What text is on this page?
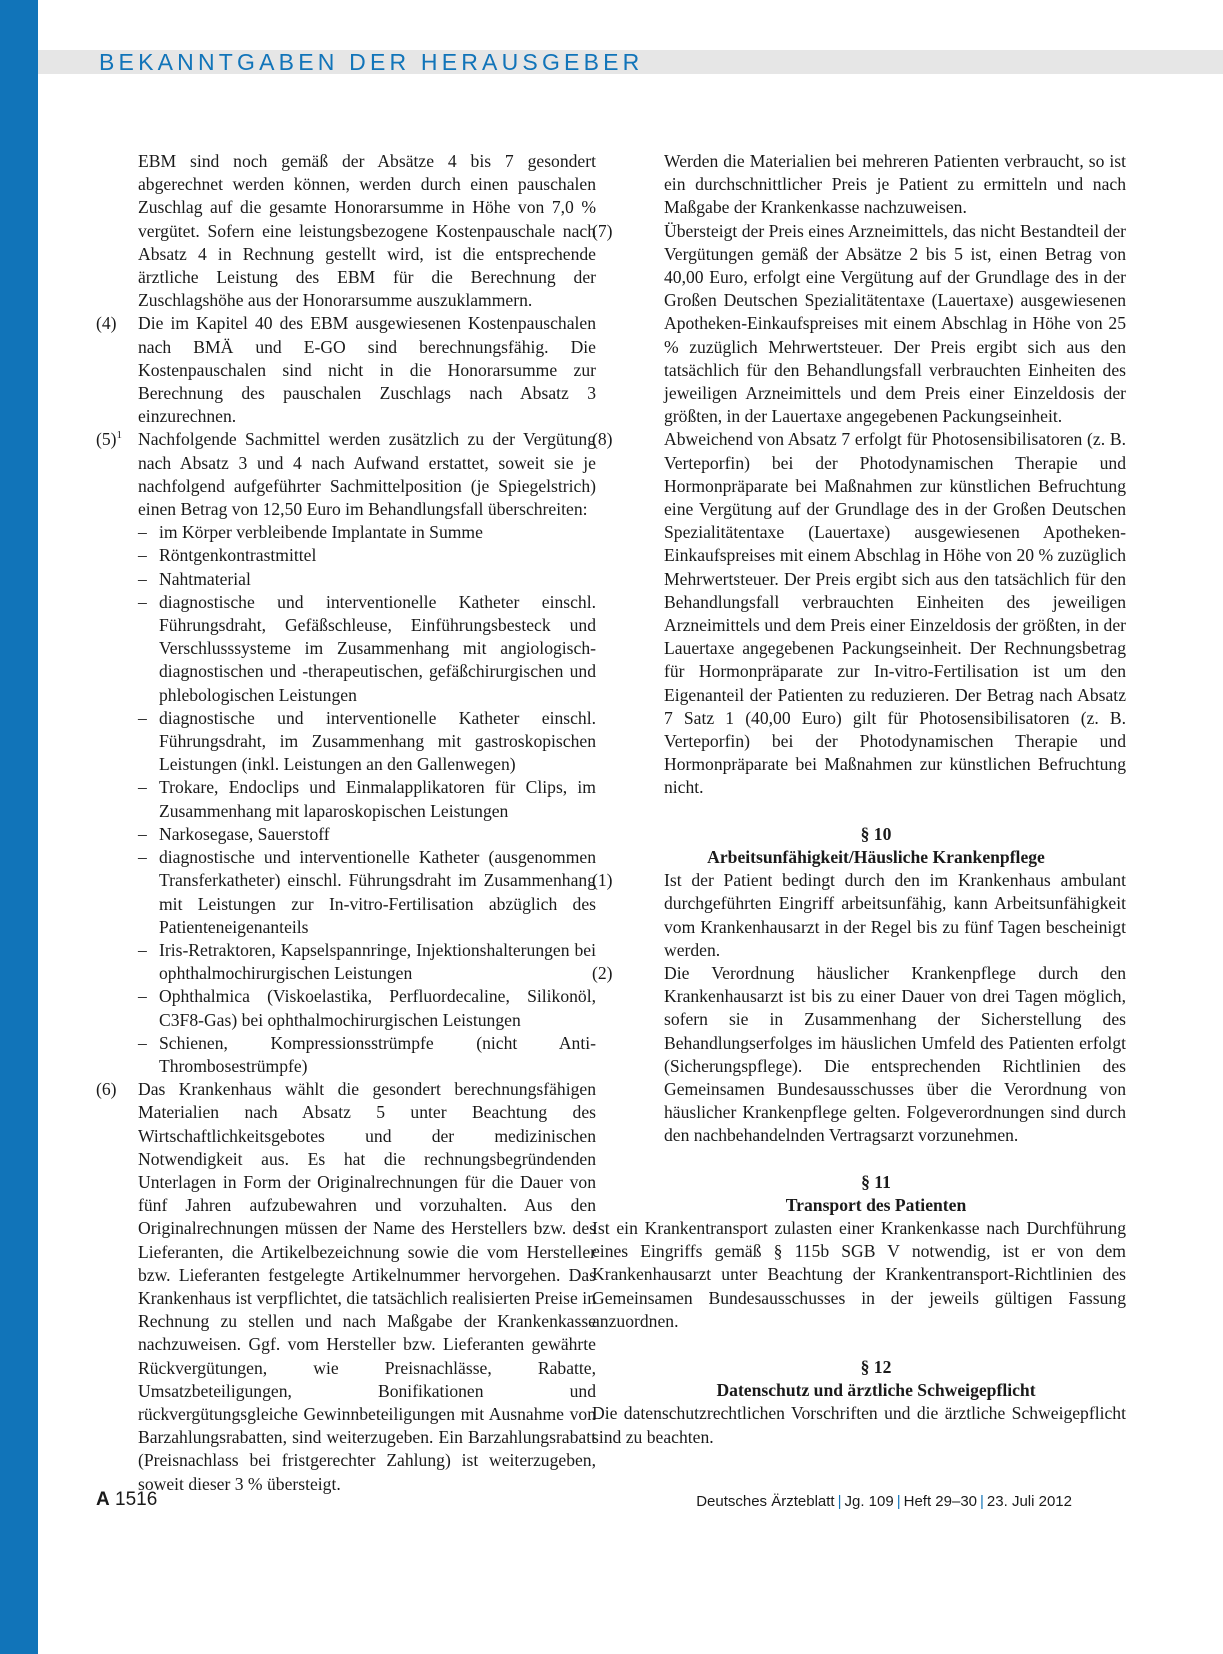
BEKANNTGABEN DER HERAUSGEBER

EBM sind noch gemäß der Absätze 4 bis 7 gesondert abgerechnet werden können, werden durch einen pauschalen Zuschlag auf die gesamte Honorarsumme in Höhe von 7,0 % vergütet. Sofern eine leistungsbezogene Kostenpauschale nach Absatz 4 in Rechnung gestellt wird, ist die entsprechende ärztliche Leistung des EBM für die Berechnung der Zuschlagshöhe aus der Honorarsumme auszuklammern.

(4) Die im Kapitel 40 des EBM ausgewiesenen Kostenpauschalen nach BMÄ und E-GO sind berechnungsfähig. Die Kostenpauschalen sind nicht in die Honorarsumme zur Berechnung des pauschalen Zuschlags nach Absatz 3 einzurechnen.

$(5)^1$ Nachfolgende Sachmittel werden zusätzlich zu der Vergütung nach Absatz 3 und 4 nach Aufwand erstattet, soweit sie je nachfolgend aufgeführter Sachmittelposition (je Spiegelstrich) einen Betrag von 12,50 Euro im Behandlungsfall überschreiten:
– im Körper verbleibende Implantate in Summe
– Röntgenkontrastmittel
– Nahtmaterial
– diagnostische und interventionelle Katheter einschl. Führungsdraht, Gefäßschleuse, Einführungsbesteck und Verschlusssysteme im Zusammenhang mit angiologisch-diagnostischen und -therapeutischen, gefäßchirurgischen und phlebologischen Leistungen
– diagnostische und interventionelle Katheter einschl. Führungsdraht, im Zusammenhang mit gastroskopischen Leistungen (inkl. Leistungen an den Gallenwegen)
– Trokare, Endoclips und Einmalapplikatoren für Clips, im Zusammenhang mit laparoskopischen Leistungen
– Narkosegase, Sauerstoff
– diagnostische und interventionelle Katheter (ausgenommen Transferkatheter) einschl. Führungsdraht im Zusammenhang mit Leistungen zur In-vitro-Fertilisation abzüglich des Patienteneigenanteils
– Iris-Retraktoren, Kapselspannringe, Injektionshalterungen bei ophthalmochirurgischen Leistungen
– Ophthalmica (Viskoelastika, Perfluordecaline, Silikonöl, C3F8-Gas) bei ophthalmochirurgischen Leistungen
– Schienen, Kompressionsstrümpfe (nicht Anti-Thrombosestrümpfe)

(6) Das Krankenhaus wählt die gesondert berechnungsfähigen Materialien nach Absatz 5 unter Beachtung des Wirtschaftlichkeitsgebotes und der medizinischen Notwendigkeit aus. Es hat die rechnungsbegründenden Unterlagen in Form der Originalrechnungen für die Dauer von fünf Jahren aufzubewahren und vorzuhalten. Aus den Originalrechnungen müssen der Name des Herstellers bzw. des Lieferanten, die Artikelbezeichnung sowie die vom Hersteller bzw. Lieferanten festgelegte Artikelnummer hervorgehen. Das Krankenhaus ist verpflichtet, die tatsächlich realisierten Preise in Rechnung zu stellen und nach Maßgabe der Krankenkasse nachzuweisen. Ggf. vom Hersteller bzw. Lieferanten gewährte Rückvergütungen, wie Preisnachlässe, Rabatte, Umsatzbeteiligungen, Bonifikationen und rückvergütungsgleiche Gewinnbeteiligungen mit Ausnahme von Barzahlungsrabatten, sind weiterzugeben. Ein Barzahlungsrabatt (Preisnachlass bei fristgerechter Zahlung) ist weiterzugeben, soweit dieser 3 % übersteigt.

Werden die Materialien bei mehreren Patienten verbraucht, so ist ein durchschnittlicher Preis je Patient zu ermitteln und nach Maßgabe der Krankenkasse nachzuweisen.

(7)	Übersteigt der Preis eines Arzneimittels, das nicht Bestandteil der Vergütungen gemäß der Absätze 2 bis 5 ist, einen Betrag von 40,00 Euro, erfolgt eine Vergütung auf der Grundlage des in der Großen Deutschen Spezialitätentaxe (Lauertaxe) ausgewiesenen Apotheken-Einkaufspreises mit einem Abschlag in Höhe von 25 % zuzüglich Mehrwertsteuer. Der Preis ergibt sich aus den tatsächlich für den Behandlungsfall verbrauchten Einheiten des jeweiligen Arzneimittels und dem Preis einer Einzeldosis der größten, in der Lauertaxe angegebenen Packungseinheit.

(8)	Abweichend von Absatz 7 erfolgt für Photosensibilisatoren (z. B. Verteporfin) bei der Photodynamischen Therapie und Hormonpräparate bei Maßnahmen zur künstlichen Befruchtung eine Vergütung auf der Grundlage des in der Großen Deutschen Spezialitätentaxe (Lauertaxe) ausgewiesenen Apotheken-Einkaufspreises mit einem Abschlag in Höhe von 20 % zuzüglich Mehrwertsteuer. Der Preis ergibt sich aus den tatsächlich für den Behandlungsfall verbrauchten Einheiten des jeweiligen Arzneimittels und dem Preis einer Einzeldosis der größten, in der Lauertaxe angegebenen Packungseinheit. Der Rechnungsbetrag für Hormonpräparate zur In-vitro-Fertilisation ist um den Eigenanteil der Patienten zu reduzieren. Der Betrag nach Absatz 7 Satz 1 (40,00 Euro) gilt für Photosensibilisatoren (z. B. Verteporfin) bei der Photodynamischen Therapie und Hormonpräparate bei Maßnahmen zur künstlichen Befruchtung nicht.

§ 10

Arbeitsunfähigkeit/Häusliche Krankenpflege

(1)	Ist der Patient bedingt durch den im Krankenhaus ambulant durchgeführten Eingriff arbeitsunfähig, kann Arbeitsunfähigkeit vom Krankenhausarzt in der Regel bis zu fünf Tagen bescheinigt werden.

(2)	Die Verordnung häuslicher Krankenpflege durch den Krankenhausarzt ist bis zu einer Dauer von drei Tagen möglich, sofern sie in Zusammenhang der Sicherstellung des Behandlungserfolges im häuslichen Umfeld des Patienten erfolgt (Sicherungspflege). Die entsprechenden Richtlinien des Gemeinsamen Bundesausschusses über die Verordnung von häuslicher Krankenpflege gelten. Folgeverordnungen sind durch den nachbehandelnden Vertragsarzt vorzunehmen.

§ 11

Transport des Patienten

Ist ein Krankentransport zulasten einer Krankenkasse nach Durchführung eines Eingriffs gemäß § 115b SGB V notwendig, ist er von dem Krankenhausarzt unter Beachtung der Krankentransport-Richtlinien des Gemeinsamen Bundesausschusses in der jeweils gültigen Fassung anzuordnen.

§ 12

Datenschutz und ärztliche Schweigepflicht

Die datenschutzrechtlichen Vorschriften und die ärztliche Schweigepflicht sind zu beachten.

A 1516	Deutsches Ärzteblatt | Jg. 109 | Heft 29–30 | 23. Juli 2012
